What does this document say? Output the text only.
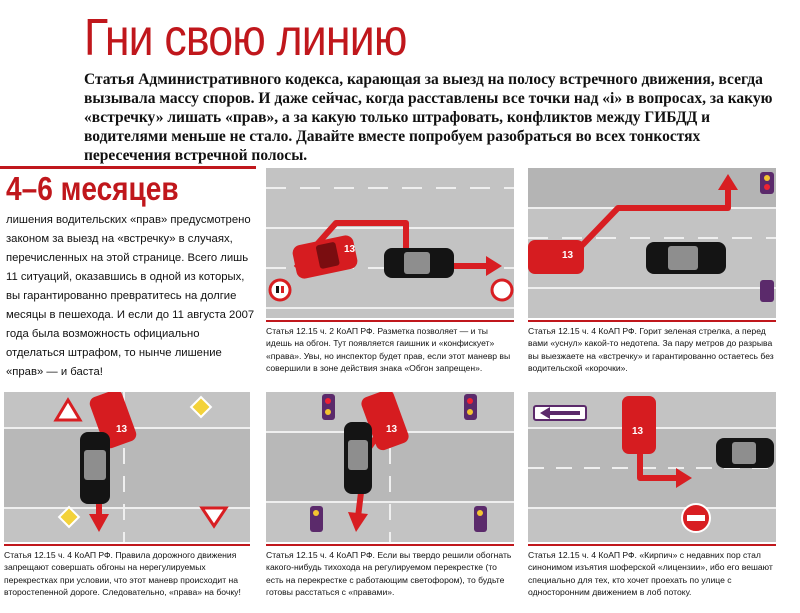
Гни свою линию
Статья Административного кодекса, карающая за выезд на полосу встречного движения, всегда вызывала массу споров. И даже сейчас, когда расставлены все точки над «i» в вопросах, за какую «встречку» лишать «прав», а за какую только штрафовать, конфликтов между ГИБДД и водителями меньше не стало. Давайте вместе попробуем разобраться во всех тонкостях пересечения встречной полосы.
4–6 месяцев
лишения водительских «прав» предусмотрено законом за выезд на «встречку» в случаях, перечисленных на этой странице. Всего лишь 11 ситуаций, оказавшись в одной из которых, вы гарантированно превратитесь на долгие месяцы в пешехода. И если до 11 августа 2007 года была возможность официально отделаться штрафом, то нынче лишение «прав» — и баста!
13
Статья 12.15 ч. 2 КоАП РФ. Разметка позволяет — и ты идешь на обгон. Тут появляется гаишник и «конфискует» «права». Увы, но инспектор будет прав, если этот маневр вы совершили в зоне действия знака «Обгон запрещен».
13
Статья 12.15 ч. 4 КоАП РФ. Горит зеленая стрелка, а перед вами «уснул» какой-то недотепа. За пару метров до разрыва вы выезжаете на «встречку» и гарантированно остаетесь без водительской «корочки».
13
Статья 12.15 ч. 4 КоАП РФ. Правила дорожного движения запрещают совершать обгоны на нерегулируемых перекрестках при условии, что этот маневр происходит на второстепенной дороге. Следовательно, «права» на бочку!
13
Статья 12.15 ч. 4 КоАП РФ. Если вы твердо решили обогнать какого-нибудь тихохода на регулируемом перекрестке (то есть на перекрестке с работающим светофором), то будьте готовы расстаться с «правами».
13
Статья 12.15 ч. 4 КоАП РФ. «Кирпич» с недавних пор стал синонимом изъятия шоферской «лицензии», ибо его вешают специально для тех, кто хочет проехать по улице с односторонним движением в лоб потоку.
